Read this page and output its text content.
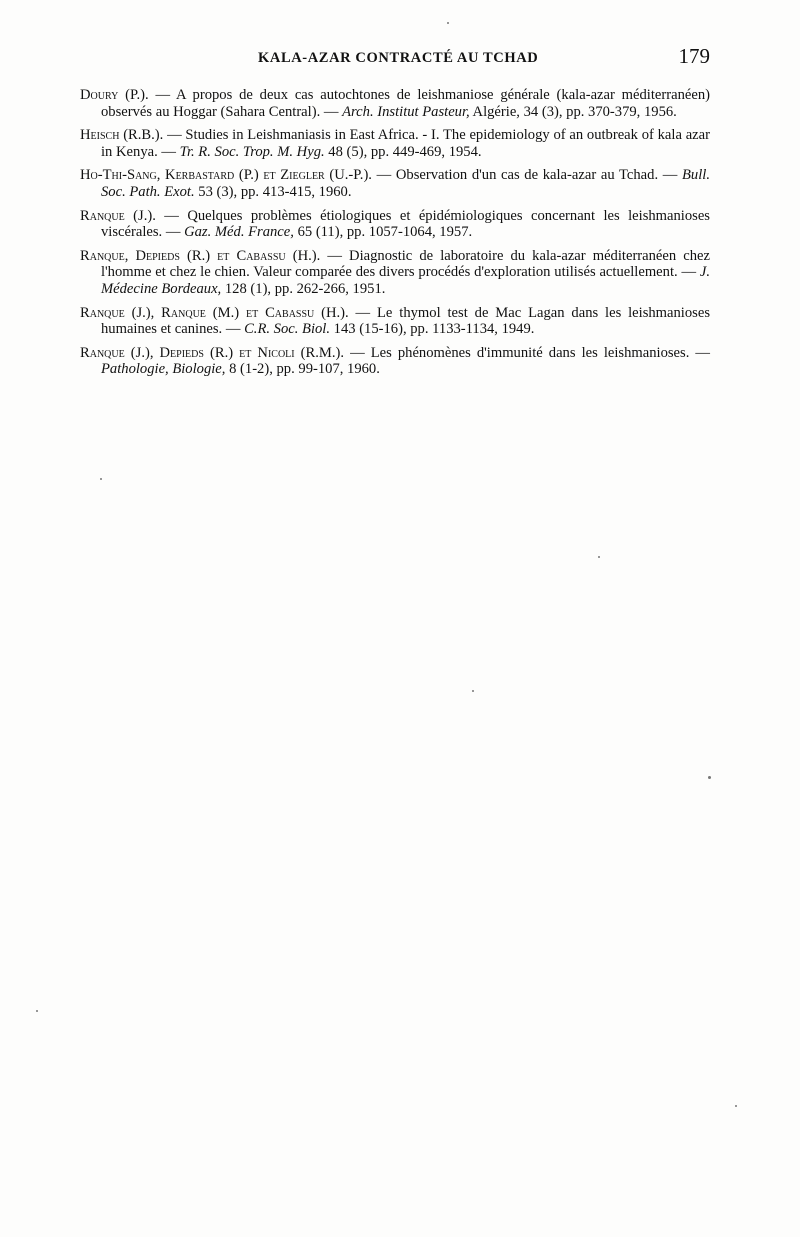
KALA-AZAR CONTRACTÉ AU TCHAD	179

Doury (P.). — A propos de deux cas autochtones de leishmaniose générale (kala-azar méditerranéen) observés au Hoggar (Sahara Central). — Arch. Institut Pasteur, Algérie, 34 (3), pp. 370-379, 1956.

Heisch (R.B.). — Studies in Leishmaniasis in East Africa. - I. The epidemiology of an outbreak of kala azar in Kenya. — Tr. R. Soc. Trop. M. Hyg. 48 (5), pp. 449-469, 1954.

Ho-Thi-Sang, Kerbastard (P.) et Ziegler (U.-P.). — Observation d'un cas de kala-azar au Tchad. — Bull. Soc. Path. Exot. 53 (3), pp. 413-415, 1960.

Ranque (J.). — Quelques problèmes étiologiques et épidémiologiques concernant les leishmanioses viscérales. — Gaz. Méd. France, 65 (11), pp. 1057-1064, 1957.

Ranque, Depieds (R.) et Cabassu (H.). — Diagnostic de laboratoire du kala-azar méditerranéen chez l'homme et chez le chien. Valeur comparée des divers procédés d'exploration utilisés actuellement. — J. Médecine Bordeaux, 128 (1), pp. 262-266, 1951.

Ranque (J.), Ranque (M.) et Cabassu (H.). — Le thymol test de Mac Lagan dans les leishmanioses humaines et canines. — C.R. Soc. Biol. 143 (15-16), pp. 1133-1134, 1949.

Ranque (J.), Depieds (R.) et Nicoli (R.M.). — Les phénomènes d'immunité dans les leishmanioses. — Pathologie, Biologie, 8 (1-2), pp. 99-107, 1960.
